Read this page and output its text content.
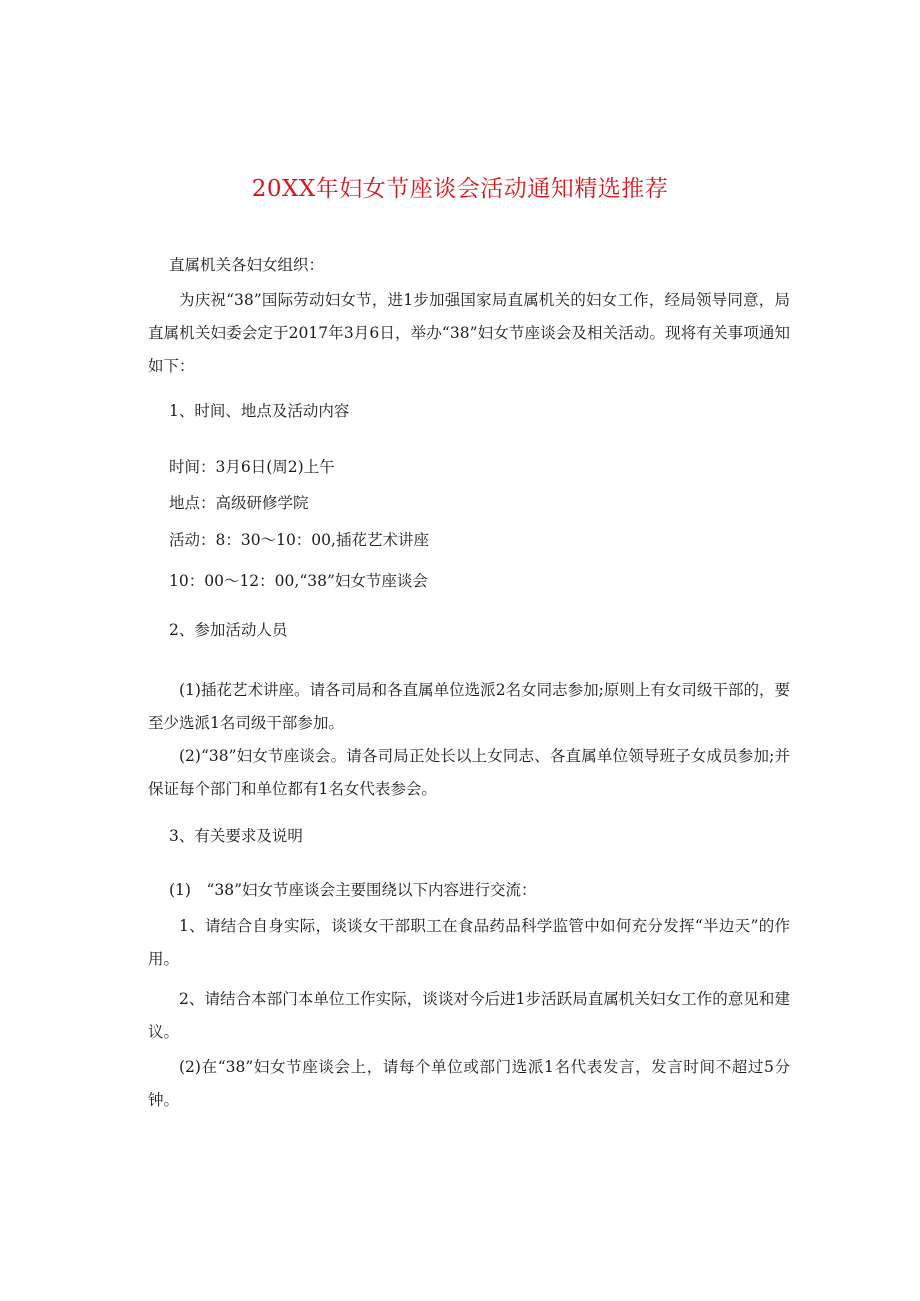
20XX年妇女节座谈会活动通知精选推荐

直属机关各妇女组织：

为庆祝“38”国际劳动妇女节，进1步加强国家局直属机关的妇女工作，经局领导同意，局直属机关妇委会定于2017年3月6日，举办“38”妇女节座谈会及相关活动。现将有关事项通知如下：

1、时间、地点及活动内容

时间：3月6日(周2)上午

地点：高级研修学院

活动：8：30～10：00,插花艺术讲座

10：00～12：00,“38”妇女节座谈会

2、参加活动人员

(1)插花艺术讲座。请各司局和各直属单位选派2名女同志参加;原则上有女司级干部的，要至少选派1名司级干部参加。

(2)“38”妇女节座谈会。请各司局正处长以上女同志、各直属单位领导班子女成员参加;并保证每个部门和单位都有1名女代表参会。

3、有关要求及说明

(1)　“38”妇女节座谈会主要围绕以下内容进行交流：

1、请结合自身实际，谈谈女干部职工在食品药品科学监管中如何充分发挥“半边天”的作用。

2、请结合本部门本单位工作实际，谈谈对今后进1步活跃局直属机关妇女工作的意见和建议。

(2)在“38”妇女节座谈会上，请每个单位或部门选派1名代表发言，发言时间不超过5分钟。
